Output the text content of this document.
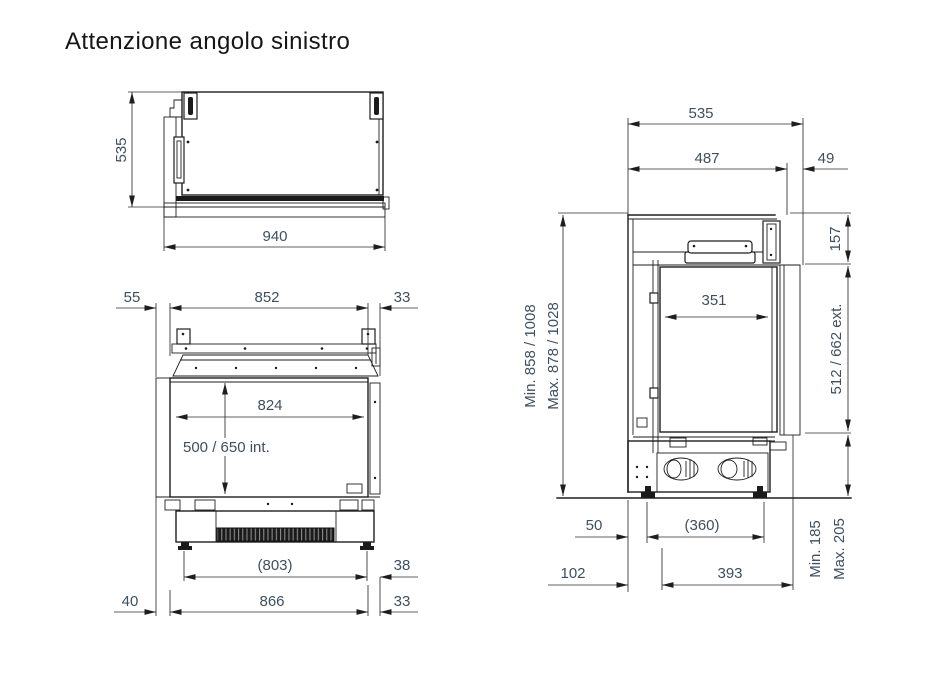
Attenzione angolo sinistro
535
940
55	852	33
824
500 / 650 int.
(803)	38
40	866	33
535
487	49
157
512 / 662 ext.
Min. 185 Max. 205
Min. 858 / 1008 Max. 878 / 1028
351
50	(360)
102	393
